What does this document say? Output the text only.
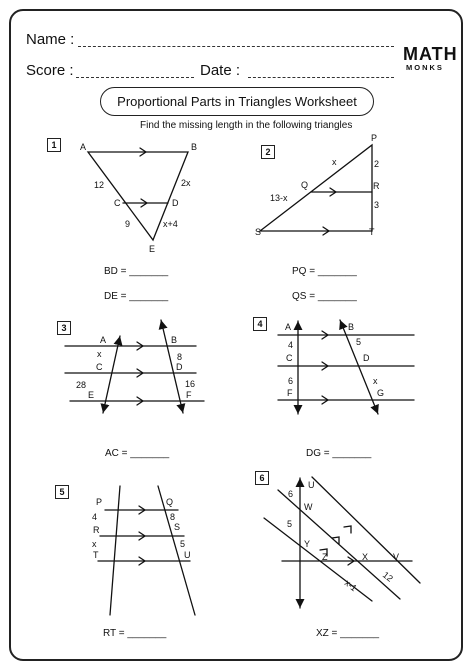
Name :
Score :	Date :
MATH
MONKS
Proportional Parts in Triangles Worksheet
Find the missing length in the following triangles
1
2
3	4
5
6
A	B
C	D
E
12	2x
9	x+4
P
Q	R
S	T
x	2
13-x
3
A	B
C	D
E	F
x	8
28	16
A	B
C	D
F	G
4	5
6	x
P	Q
R	S
T	U
4	8
x	5
U
W
Y
Z	X	V
6
5
x-1
12
BD = _______
DE = _______
PQ = _______
QS = _______
AC = _______	DG = _______
RT = _______	XZ = _______
